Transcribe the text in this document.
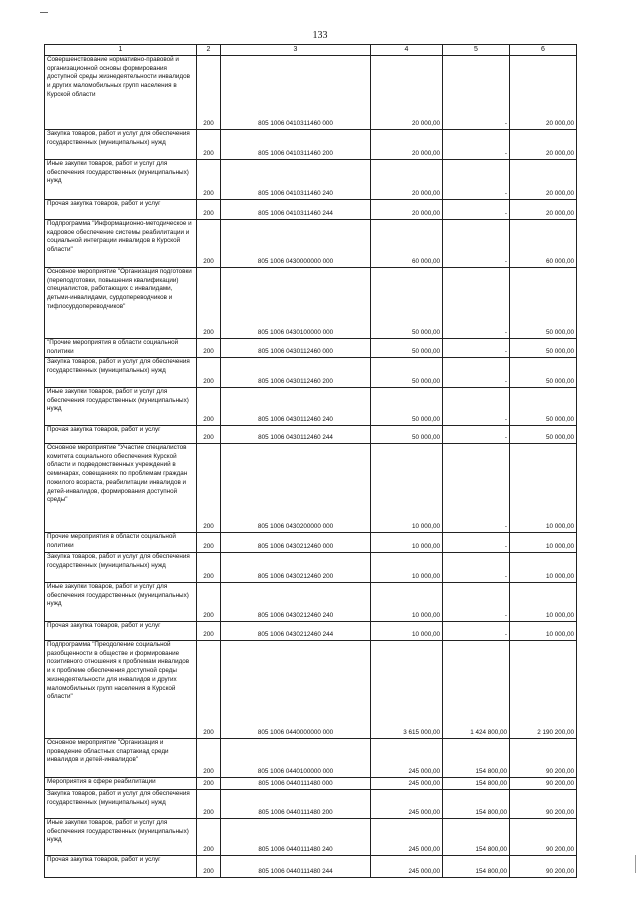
133
1	2	3	4	5	6
Совершенствование нормативно-правовой и организационной основы формирования доступной среды жизнедеятельности инвалидов и других маломобильных групп населения в Курской области	200	805 1006 0410311460 000	20 000,00	-	20 000,00
Закупка товаров, работ и услуг для обеспечения государственных (муниципальных) нужд	200	805 1006 0410311460 200	20 000,00	-	20 000,00
Иные закупки товаров, работ и услуг для обеспечения государственных (муниципальных) нужд	200	805 1006 0410311460 240	20 000,00	-	20 000,00
Прочая закупка товаров, работ и услуг	200	805 1006 0410311460 244	20 000,00	-	20 000,00
Подпрограмма "Информационно-методическое и кадровое обеспечение системы реабилитации и социальной интеграции инвалидов в Курской области"	200	805 1006 0430000000 000	60 000,00	-	60 000,00
Основное мероприятие "Организация подготовки (переподготовки, повышения квалификации) специалистов, работающих с инвалидами, детьми-инвалидами, сурдопереводчиков и тифлосурдопереводчиков"	200	805 1006 0430100000 000	50 000,00	-	50 000,00
"Прочие мероприятия в области социальной политики	200	805 1006 0430112460 000	50 000,00	-	50 000,00
Закупка товаров, работ и услуг для обеспечения государственных (муниципальных) нужд	200	805 1006 0430112460 200	50 000,00	-	50 000,00
Иные закупки товаров, работ и услуг для обеспечения государственных (муниципальных) нужд	200	805 1006 0430112460 240	50 000,00	-	50 000,00
Прочая закупка товаров, работ и услуг	200	805 1006 0430112460 244	50 000,00	-	50 000,00
Основное мероприятие "Участие специалистов комитета социального обеспечения Курской области и подведомственных учреждений в семинарах, совещаниях по проблемам граждан пожилого возраста, реабилитации инвалидов и детей-инвалидов, формирования доступной среды"	200	805 1006 0430200000 000	10 000,00	-	10 000,00
Прочие мероприятия в области социальной политики	200	805 1006 0430212460 000	10 000,00	-	10 000,00
Закупка товаров, работ и услуг для обеспечения государственных (муниципальных) нужд	200	805 1006 0430212460 200	10 000,00	-	10 000,00
Иные закупки товаров, работ и услуг для обеспечения государственных (муниципальных) нужд	200	805 1006 0430212460 240	10 000,00	-	10 000,00
Прочая закупка товаров, работ и услуг	200	805 1006 0430212460 244	10 000,00	-	10 000,00
Подпрограмма "Преодоление социальной разобщенности в обществе и формирование позитивного отношения к проблемам инвалидов и к проблеме обеспечения доступной среды жизнедеятельности для инвалидов и других маломобильных групп населения в Курской области"	200	805 1006 0440000000 000	3 615 000,00	1 424 800,00	2 190 200,00
Основное мероприятие "Организация и проведение областных спартакиад среди инвалидов и детей-инвалидов"	200	805 1006 0440100000 000	245 000,00	154 800,00	90 200,00
Мероприятия в сфере реабилитации	200	805 1006 0440111480 000	245 000,00	154 800,00	90 200,00
Закупка товаров, работ и услуг для обеспечения государственных (муниципальных) нужд	200	805 1006 0440111480 200	245 000,00	154 800,00	90 200,00
Иные закупки товаров, работ и услуг для обеспечения государственных (муниципальных) нужд	200	805 1006 0440111480 240	245 000,00	154 800,00	90 200,00
Прочая закупка товаров, работ и услуг	200	805 1006 0440111480 244	245 000,00	154 800,00	90 200,00
